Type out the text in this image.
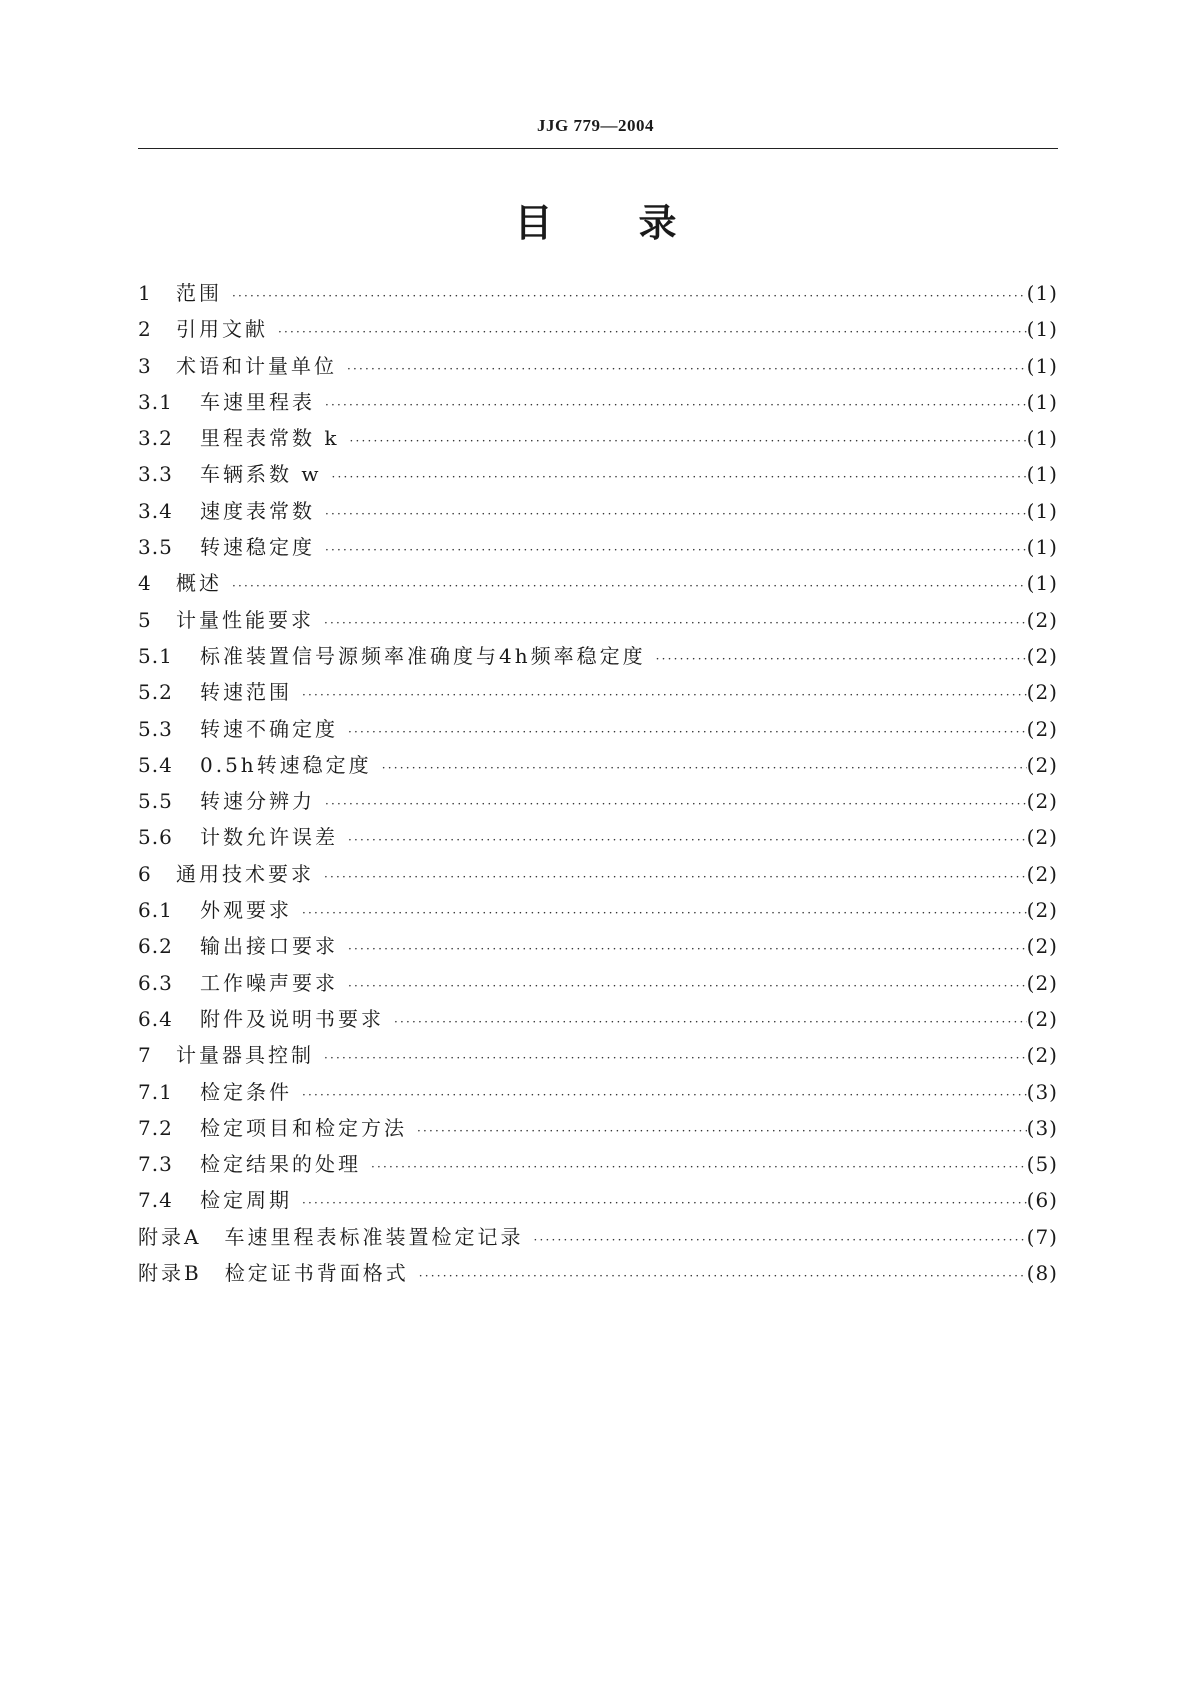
JJG 779—2004
目 录
1	范围 ·····	(1)
2	引用文献 ·····	(1)
3	术语和计量单位 ·····	(1)
3.1	车速里程表 ·····	(1)
3.2	里程表常数 k ·····	(1)
3.3	车辆系数 w ·····	(1)
3.4	速度表常数 ·····	(1)
3.5	转速稳定度 ·····	(1)
4	概述 ·····	(1)
5	计量性能要求 ·····	(2)
5.1	标准装置信号源频率准确度与4h频率稳定度 ·····	(2)
5.2	转速范围 ·····	(2)
5.3	转速不确定度 ·····	(2)
5.4	0.5h转速稳定度 ·····	(2)
5.5	转速分辨力 ·····	(2)
5.6	计数允许误差 ·····	(2)
6	通用技术要求 ·····	(2)
6.1	外观要求 ·····	(2)
6.2	输出接口要求 ·····	(2)
6.3	工作噪声要求 ·····	(2)
6.4	附件及说明书要求 ·····	(2)
7	计量器具控制 ·····	(2)
7.1	检定条件 ·····	(3)
7.2	检定项目和检定方法 ·····	(3)
7.3	检定结果的处理 ·····	(5)
7.4	检定周期 ·····	(6)
附录A　车速里程表标准装置检定记录 ·····	(7)
附录B　检定证书背面格式 ·····	(8)
